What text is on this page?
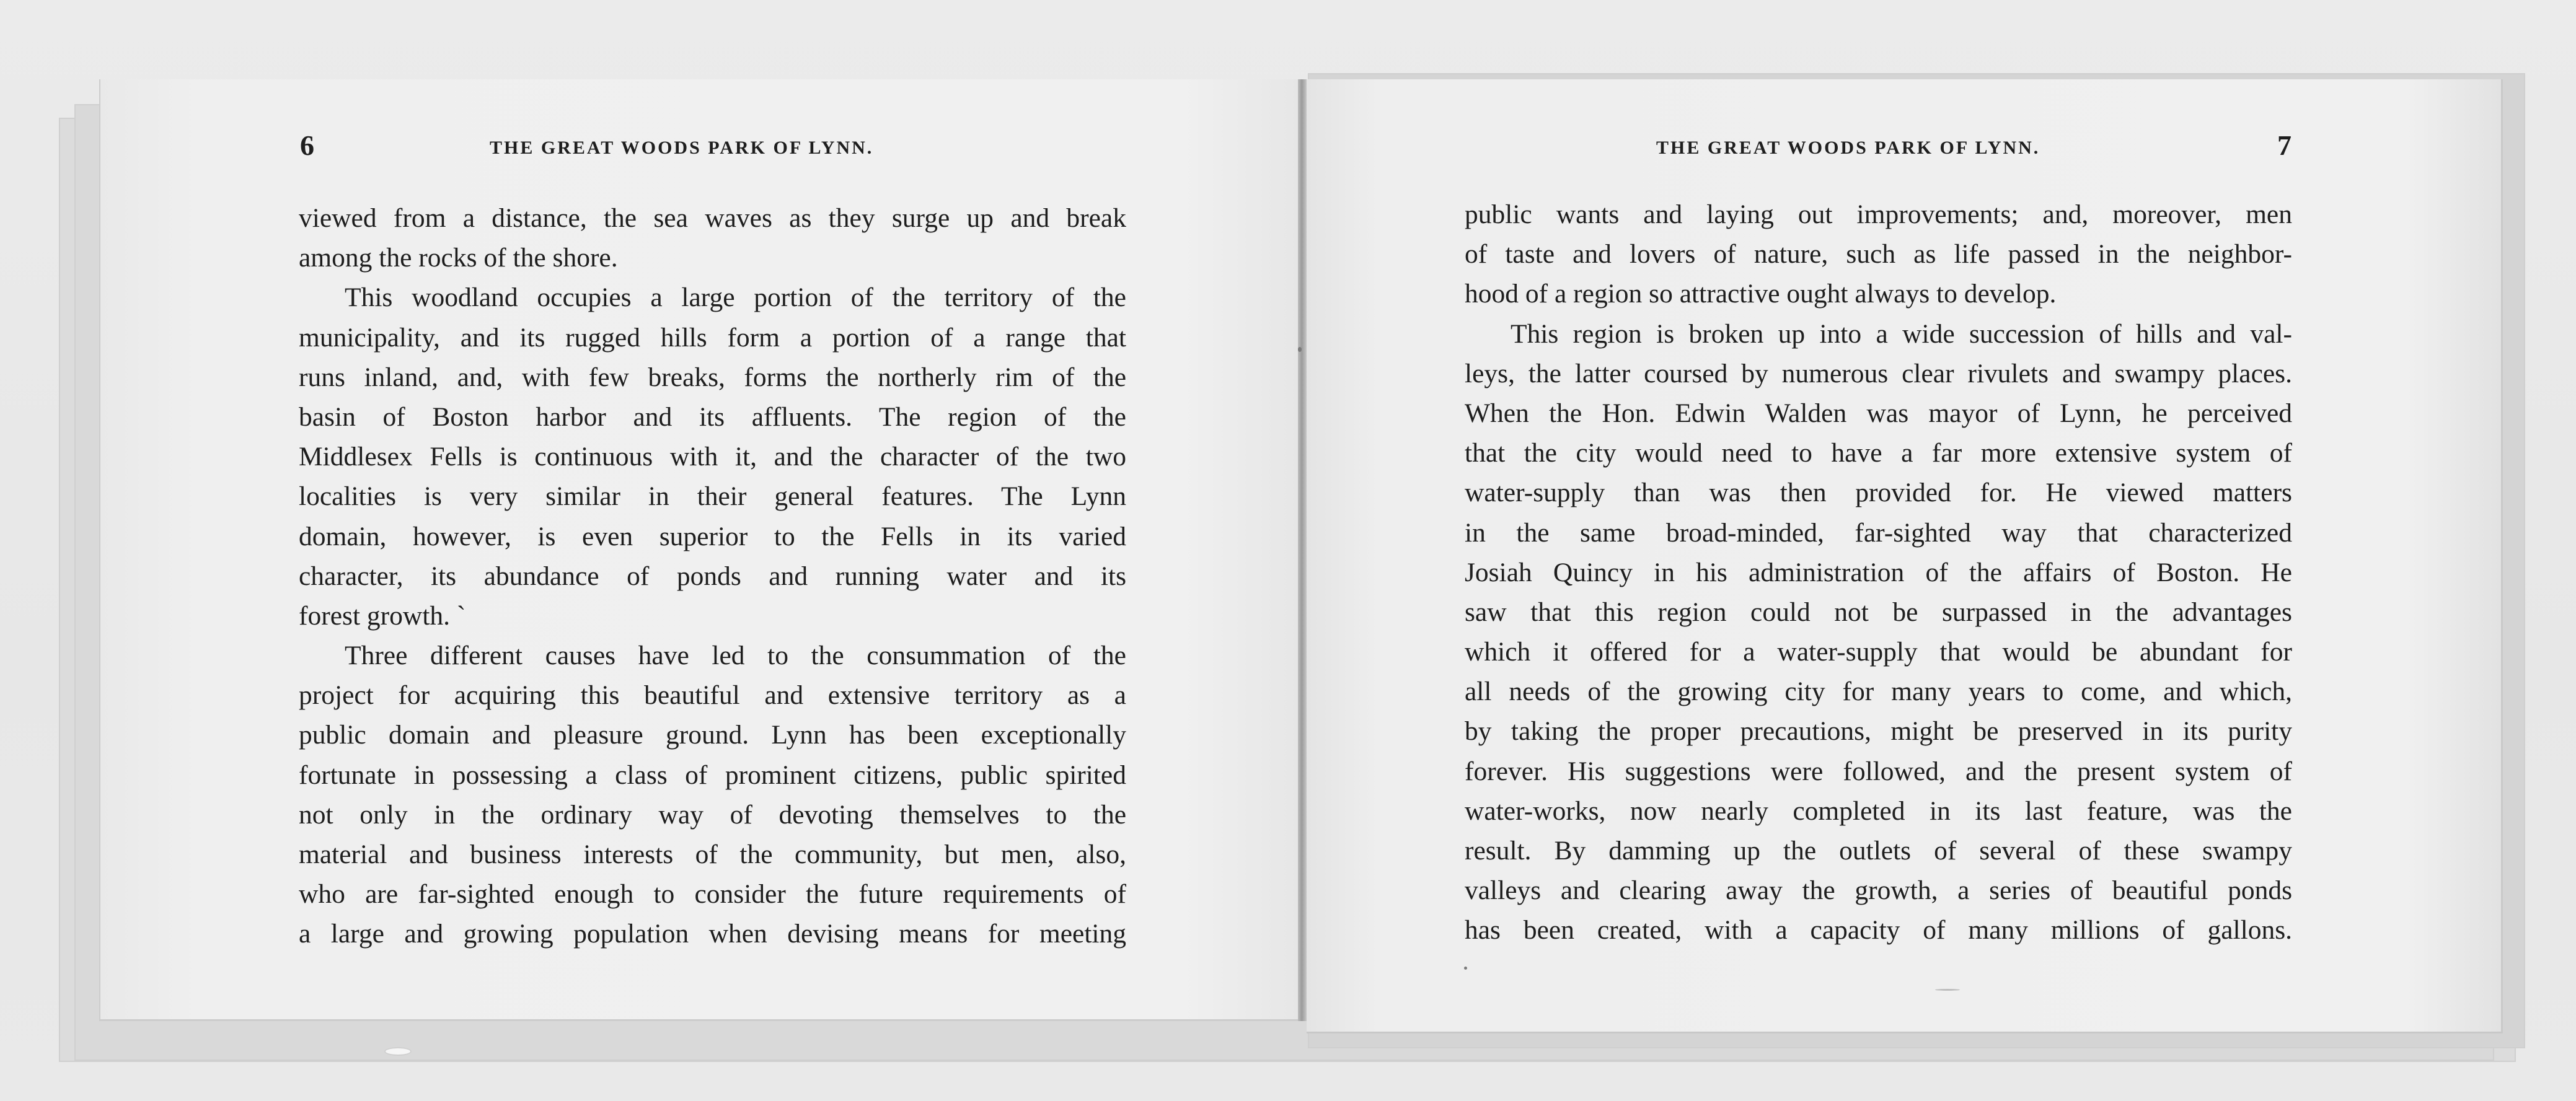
6	THE GREAT WOODS PARK OF LYNN.	THE GREAT WOODS PARK OF LYNN.	7
viewed from a distance, the sea waves as they surge up and break
among the rocks of the shore.
This woodland occupies a large portion of the territory of the
municipality, and its rugged hills form a portion of a range that
runs inland, and, with few breaks, forms the northerly rim of the
basin of Boston harbor and its affluents. The region of the
Middlesex Fells is continuous with it, and the character of the two
localities is very similar in their general features. The Lynn
domain, however, is even superior to the Fells in its varied
character, its abundance of ponds and running water and its
forest growth. `
Three different causes have led to the consummation of the
project for acquiring this beautiful and extensive territory as a
public domain and pleasure ground. Lynn has been exceptionally
fortunate in possessing a class of prominent citizens, public spirited
not only in the ordinary way of devoting themselves to the
material and business interests of the community, but men, also,
who are far-sighted enough to consider the future requirements of
a large and growing population when devising means for meeting
public wants and laying out improvements; and, moreover, men
of taste and lovers of nature, such as life passed in the neighbor-
hood of a region so attractive ought always to develop.
This region is broken up into a wide succession of hills and val-
leys, the latter coursed by numerous clear rivulets and swampy places.
When the Hon. Edwin Walden was mayor of Lynn, he perceived
that the city would need to have a far more extensive system of
water-supply than was then provided for. He viewed matters
in the same broad-minded, far-sighted way that characterized
Josiah Quincy in his administration of the affairs of Boston. He
saw that this region could not be surpassed in the advantages
which it offered for a water-supply that would be abundant for
all needs of the growing city for many years to come, and which,
by taking the proper precautions, might be preserved in its purity
forever. His suggestions were followed, and the present system of
water-works, now nearly completed in its last feature, was the
result. By damming up the outlets of several of these swampy
valleys and clearing away the growth, a series of beautiful ponds
has been created, with a capacity of many millions of gallons.
